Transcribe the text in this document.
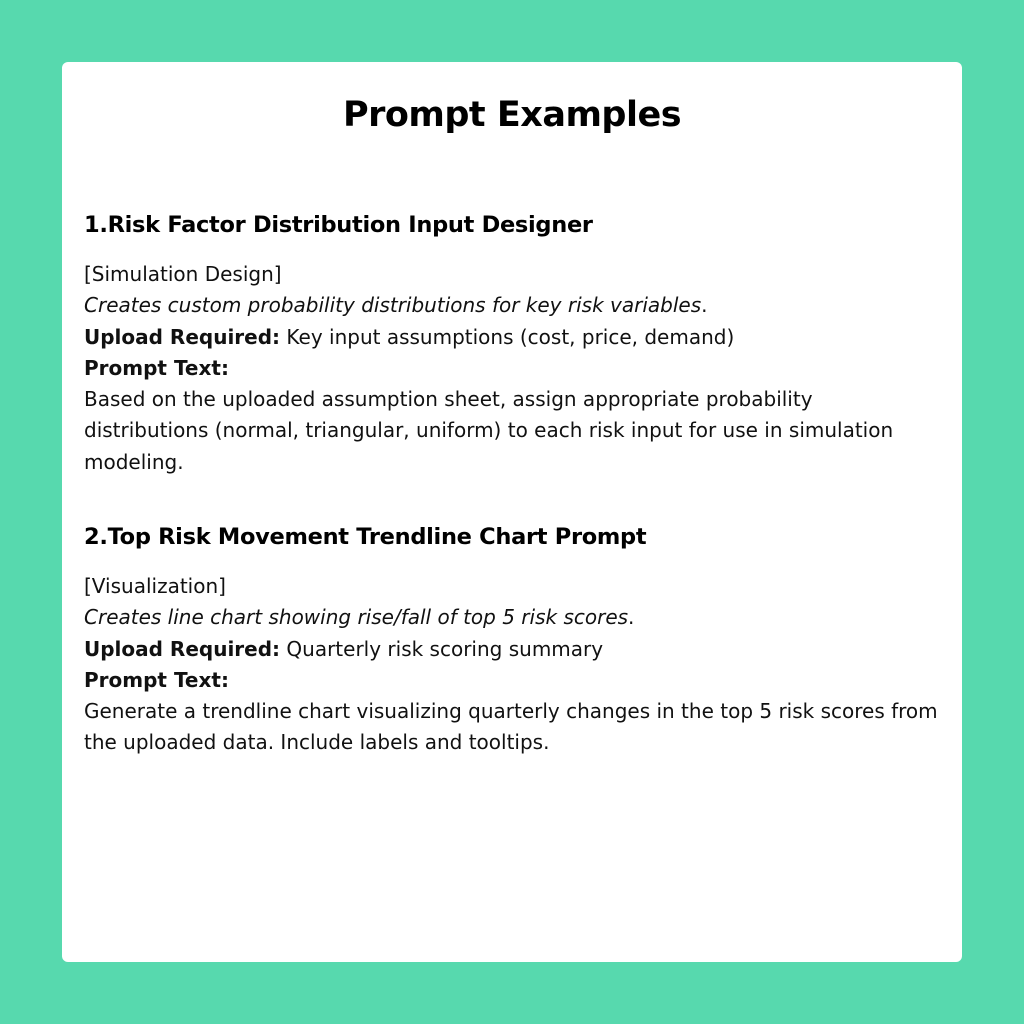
Prompt Examples
1.Risk Factor Distribution Input Designer

[Simulation Design]

Creates custom probability distributions for key risk variables.

Upload Required: Key input assumptions (cost, price, demand)

Prompt Text:

Based on the uploaded assumption sheet, assign appropriate probability distributions (normal, triangular, uniform) to each risk input for use in simulation modeling.

2.Top Risk Movement Trendline Chart Prompt

[Visualization]

Creates line chart showing rise/fall of top 5 risk scores.

Upload Required: Quarterly risk scoring summary

Prompt Text:

Generate a trendline chart visualizing quarterly changes in the top 5 risk scores from the uploaded data. Include labels and tooltips.
